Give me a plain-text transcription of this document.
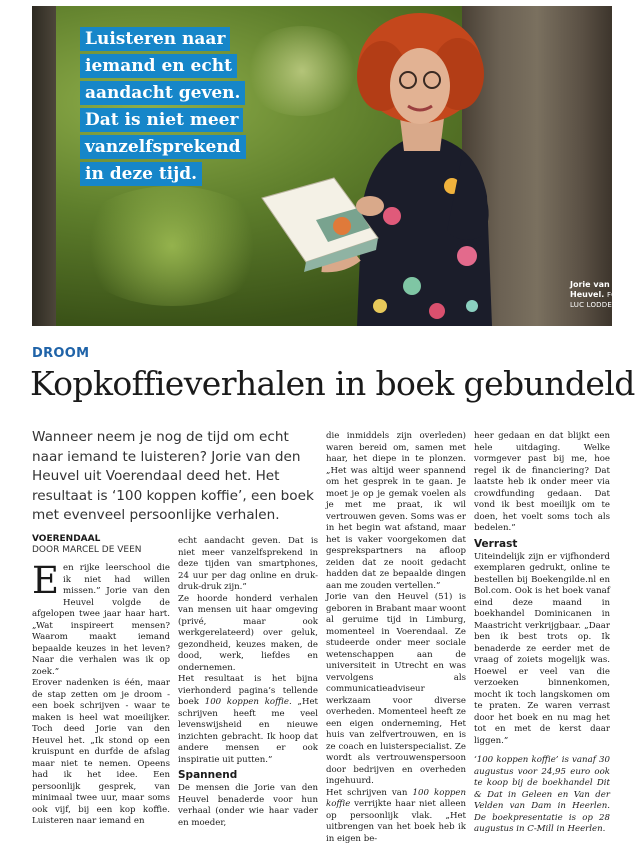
Luisteren naar iemand en echt aandacht geven. Dat is niet meer vanzelfsprekend in deze tijd.
Jorie van den Heuvel. FOTO
LUC LODDER
DROOM
Kopkoffieverhalen in boek gebundeld
Wanneer neem je nog de tijd om echt naar iemand te luisteren? Jorie van den Heuvel uit Voerendaal deed het. Het resultaat is ‘100 koppen koffie’, een boek met evenveel persoonlijke verhalen.
VOERENDAAL
DOOR MARCEL DE VEEN

Een rijke leerschool die ik niet had willen missen.” Jorie van den Heuvel volgde de afgelopen twee jaar haar hart. „Wat inspireert mensen? Waarom maakt iemand bepaalde keuzes in het leven? Naar die verhalen was ik op zoek.”

Erover nadenken is één, maar de stap zetten om je droom - een boek schrijven - waar te maken is heel wat moeilijker. Toch deed Jorie van den Heuvel het. „Ik stond op een kruispunt en durfde de afslag maar niet te nemen. Opeens had ik het idee. Een persoonlijk gesprek, van minimaal twee uur, maar soms ook vijf, bij een kop koffie. Luisteren naar iemand en

echt aandacht geven. Dat is niet meer vanzelfsprekend in deze tijden van smartphones, 24 uur per dag online en druk-druk-druk zijn.”

Ze hoorde honderd verhalen van mensen uit haar omgeving (privé, maar ook werkgerelateerd) over geluk, gezondheid, keuzes maken, de dood, werk, liefdes en ondernemen.

Het resultaat is het bijna vierhonderd pagina’s tellende boek 100 koppen koffie. „Het schrijven heeft me veel levenswijsheid en nieuwe inzichten gebracht. Ik hoop dat andere mensen er ook inspiratie uit putten.”

Spannend

De mensen die Jorie van den Heuvel benaderde voor hun verhaal (onder wie haar vader en moeder,

die inmiddels zijn overleden) waren bereid om, samen met haar, het diepe in te plonzen. „Het was altijd weer spannend om het gesprek in te gaan. Je moet je op je gemak voelen als je met me praat, ik wil vertrouwen geven. Soms was er in het begin wat afstand, maar het is vaker voorgekomen dat gesprekspartners na afloop zeiden dat ze nooit gedacht hadden dat ze bepaalde dingen aan me zouden vertellen.”

Jorie van den Heuvel (51) is geboren in Brabant maar woont al geruime tijd in Limburg, momenteel in Voerendaal. Ze studeerde onder meer sociale wetenschappen aan de universiteit in Utrecht en was vervolgens als communicatieadviseur werkzaam voor diverse overheden. Momenteel heeft ze een eigen onderneming, Het huis van zelfvertrouwen, en is ze coach en luisterspecialist. Ze wordt als vertrouwenspersoon door bedrijven en overheden ingehuurd.

Het schrijven van 100 koppen koffie verrijkte haar niet alleen op persoonlijk vlak. „Het uitbrengen van het boek heb ik in eigen be-

heer gedaan en dat blijkt een hele uitdaging. Welke vormgever past bij me, hoe regel ik de financiering? Dat laatste heb ik onder meer via crowdfunding gedaan. Dat vond ik best moeilijk om te doen, het voelt soms toch als bedelen.”

Verrast

Uiteindelijk zijn er vijfhonderd exemplaren gedrukt, online te bestellen bij Boekengilde.nl en Bol.com. Ook is het boek vanaf eind deze maand in boekhandel Dominicanen in Maastricht verkrijgbaar. „Daar ben ik best trots op. Ik benaderde ze eerder met de vraag of zoiets mogelijk was. Hoewel er veel van die verzoeken binnenkomen, mocht ik toch langskomen om te praten. Ze waren verrast door het boek en nu mag het tot en met de kerst daar liggen.”

‘100 koppen koffie’ is vanaf 30 augustus voor 24,95 euro ook te koop bij de boekhandel Dit & Dat in Geleen en Van der Velden van Dam in Heerlen. De boekpresentatie is op 28 augustus in C-Mill in Heerlen.
